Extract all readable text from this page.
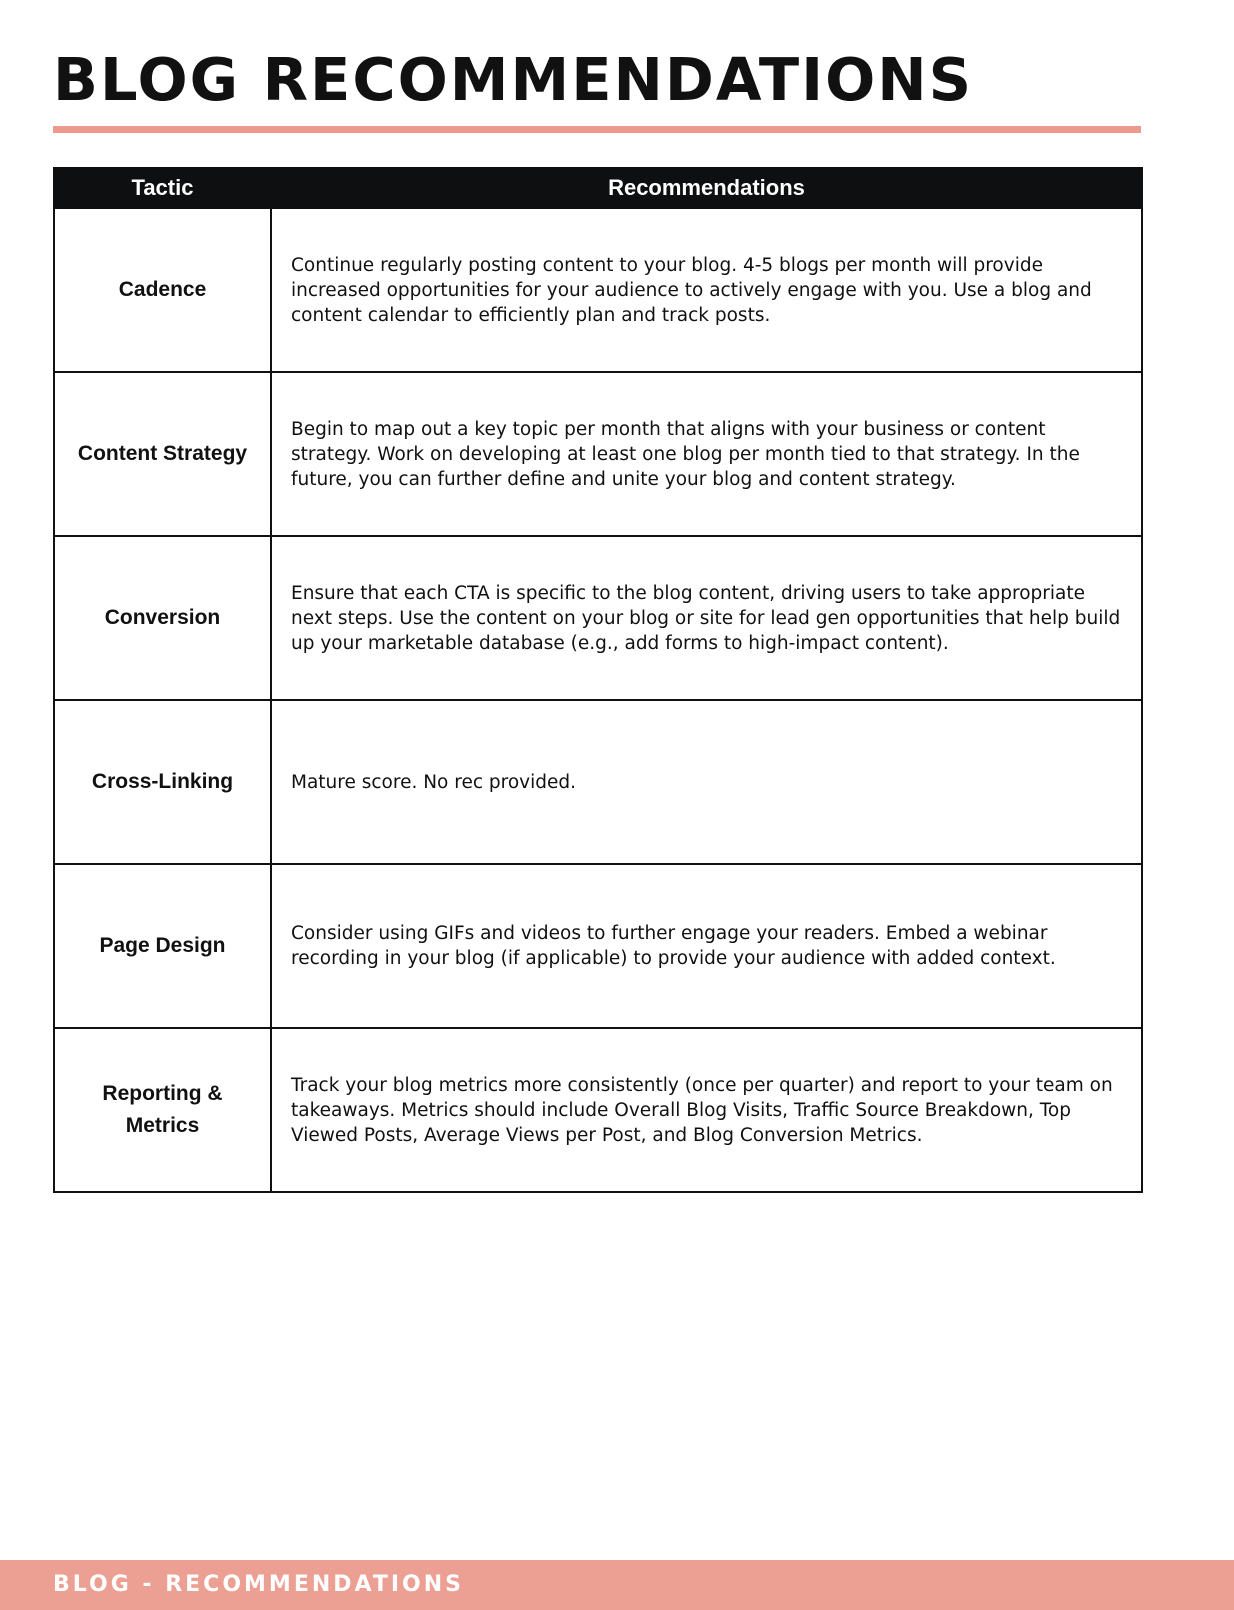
BLOG RECOMMENDATIONS
Tactic	Recommendations
Cadence	Continue regularly posting content to your blog. 4-5 blogs per month will provide increased opportunities for your audience to actively engage with you. Use a blog and content calendar to efficiently plan and track posts.
Content Strategy	Begin to map out a key topic per month that aligns with your business or content strategy. Work on developing at least one blog per month tied to that strategy. In the future, you can further define and unite your blog and content strategy.
Conversion	Ensure that each CTA is specific to the blog content, driving users to take appropriate next steps. Use the content on your blog or site for lead gen opportunities that help build up your marketable database (e.g., add forms to high-impact content).
Cross-Linking	Mature score. No rec provided.
Page Design	Consider using GIFs and videos to further engage your readers. Embed a webinar recording in your blog (if applicable) to provide your audience with added context.
Reporting & Metrics	Track your blog metrics more consistently (once per quarter) and report to your team on takeaways. Metrics should include Overall Blog Visits, Traffic Source Breakdown, Top Viewed Posts, Average Views per Post, and Blog Conversion Metrics.
BLOG - RECOMMENDATIONS
